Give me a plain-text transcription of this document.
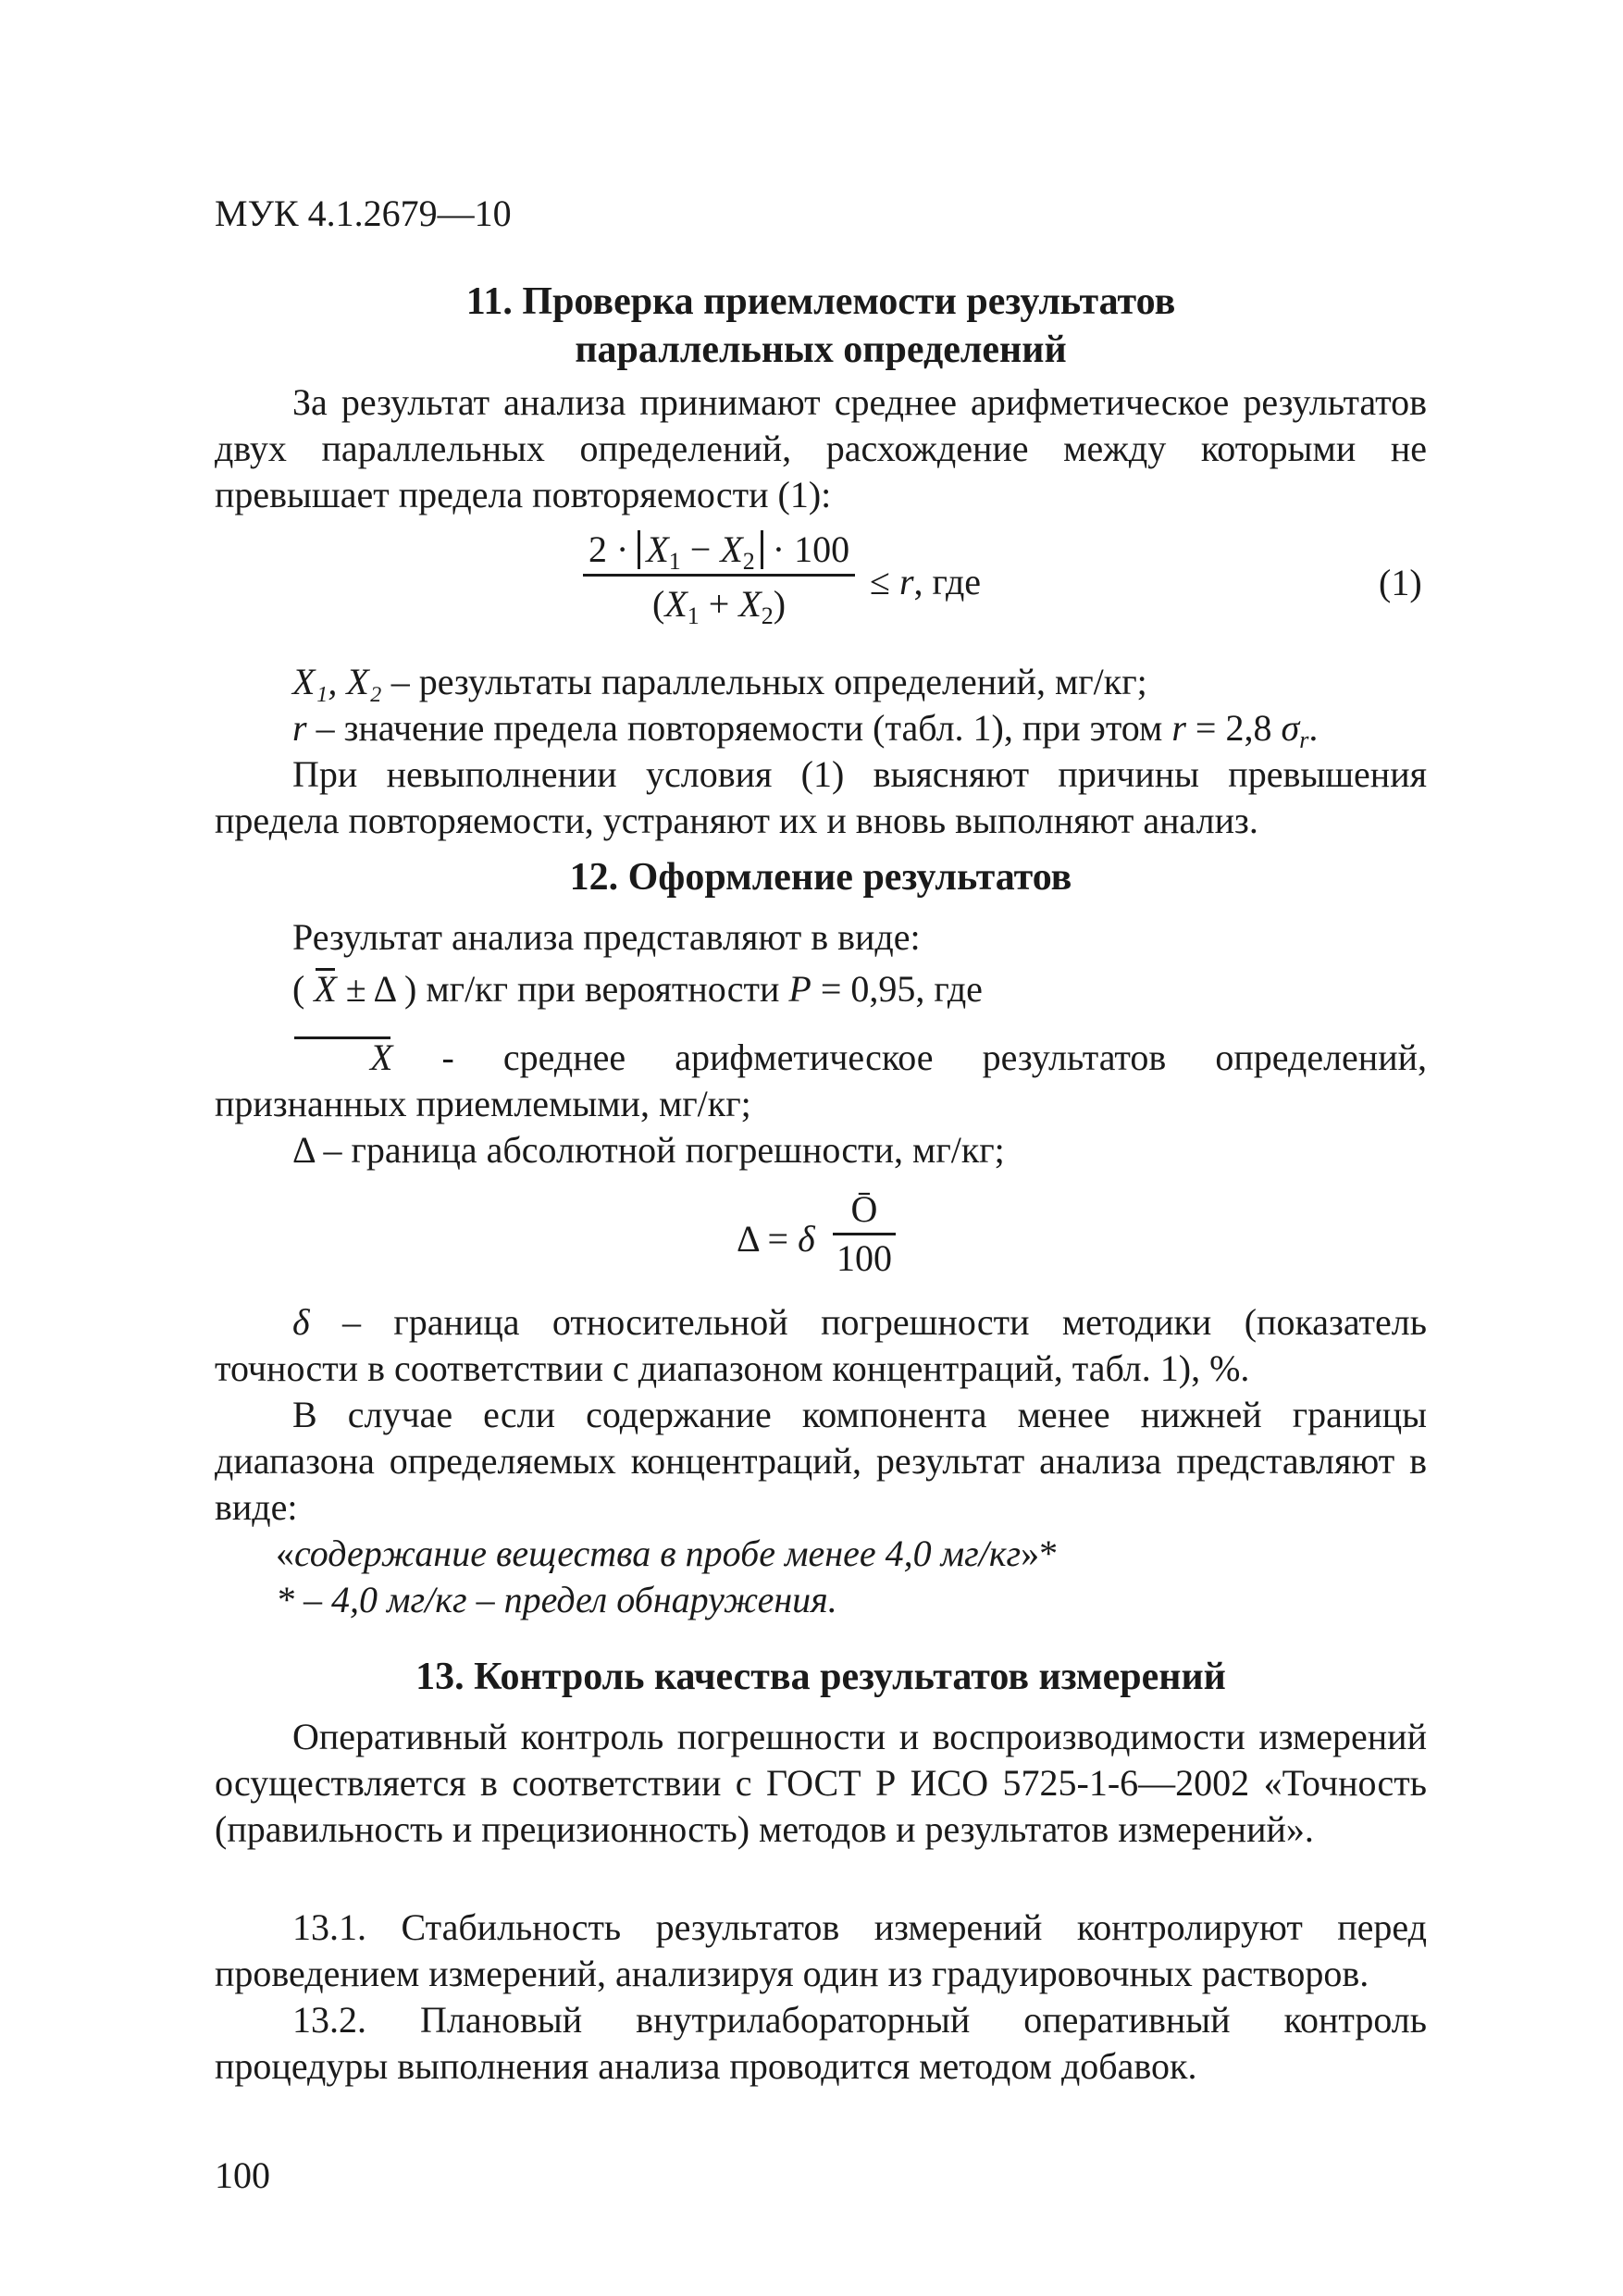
МУК 4.1.2679—10
11. Проверка приемлемости результатов
параллельных определений
За результат анализа принимают среднее арифметическое результатов двух параллельных определений, расхождение между которыми не превышает предела повторяемости (1):
$2 \cdot X_1 - X_2 \cdot 100$
$(X_1 + X_2)$
≤ r, где	(1)
X₁, X₂ – результаты параллельных определений, мг/кг;
r – значение предела повторяемости (табл. 1), при этом r = 2,8 $\sigma_r$.
При невыполнении условия (1) выясняют причины превышения предела повторяемости, устраняют их и вновь выполняют анализ.
12. Оформление результатов
Результат анализа представляют в виде:
( X ± Δ ) мг/кг при вероятности P = 0,95, где
X - среднее арифметическое результатов определений, признанных приемлемыми, мг/кг;
Δ – граница абсолютной погрешности, мг/кг;
Δ = δ $\frac{Ō}{100}$
δ – граница относительной погрешности методики (показатель точности в соответствии с диапазоном концентраций, табл. 1), %.
В случае если содержание компонента менее нижней границы диапазона определяемых концентраций, результат анализа представляют в виде:
«содержание вещества в пробе менее 4,0 мг/кг»*
* – 4,0 мг/кг – предел обнаружения.
13. Контроль качества результатов измерений
Оперативный контроль погрешности и воспроизводимости измерений осуществляется в соответствии с ГОСТ Р ИСО 5725-1-6—2002 «Точность (правильность и прецизионность) методов и результатов измерений».
13.1. Стабильность результатов измерений контролируют перед проведением измерений, анализируя один из градуировочных растворов.
13.2. Плановый внутрилабораторный оперативный контроль процедуры выполнения анализа проводится методом добавок.
100
